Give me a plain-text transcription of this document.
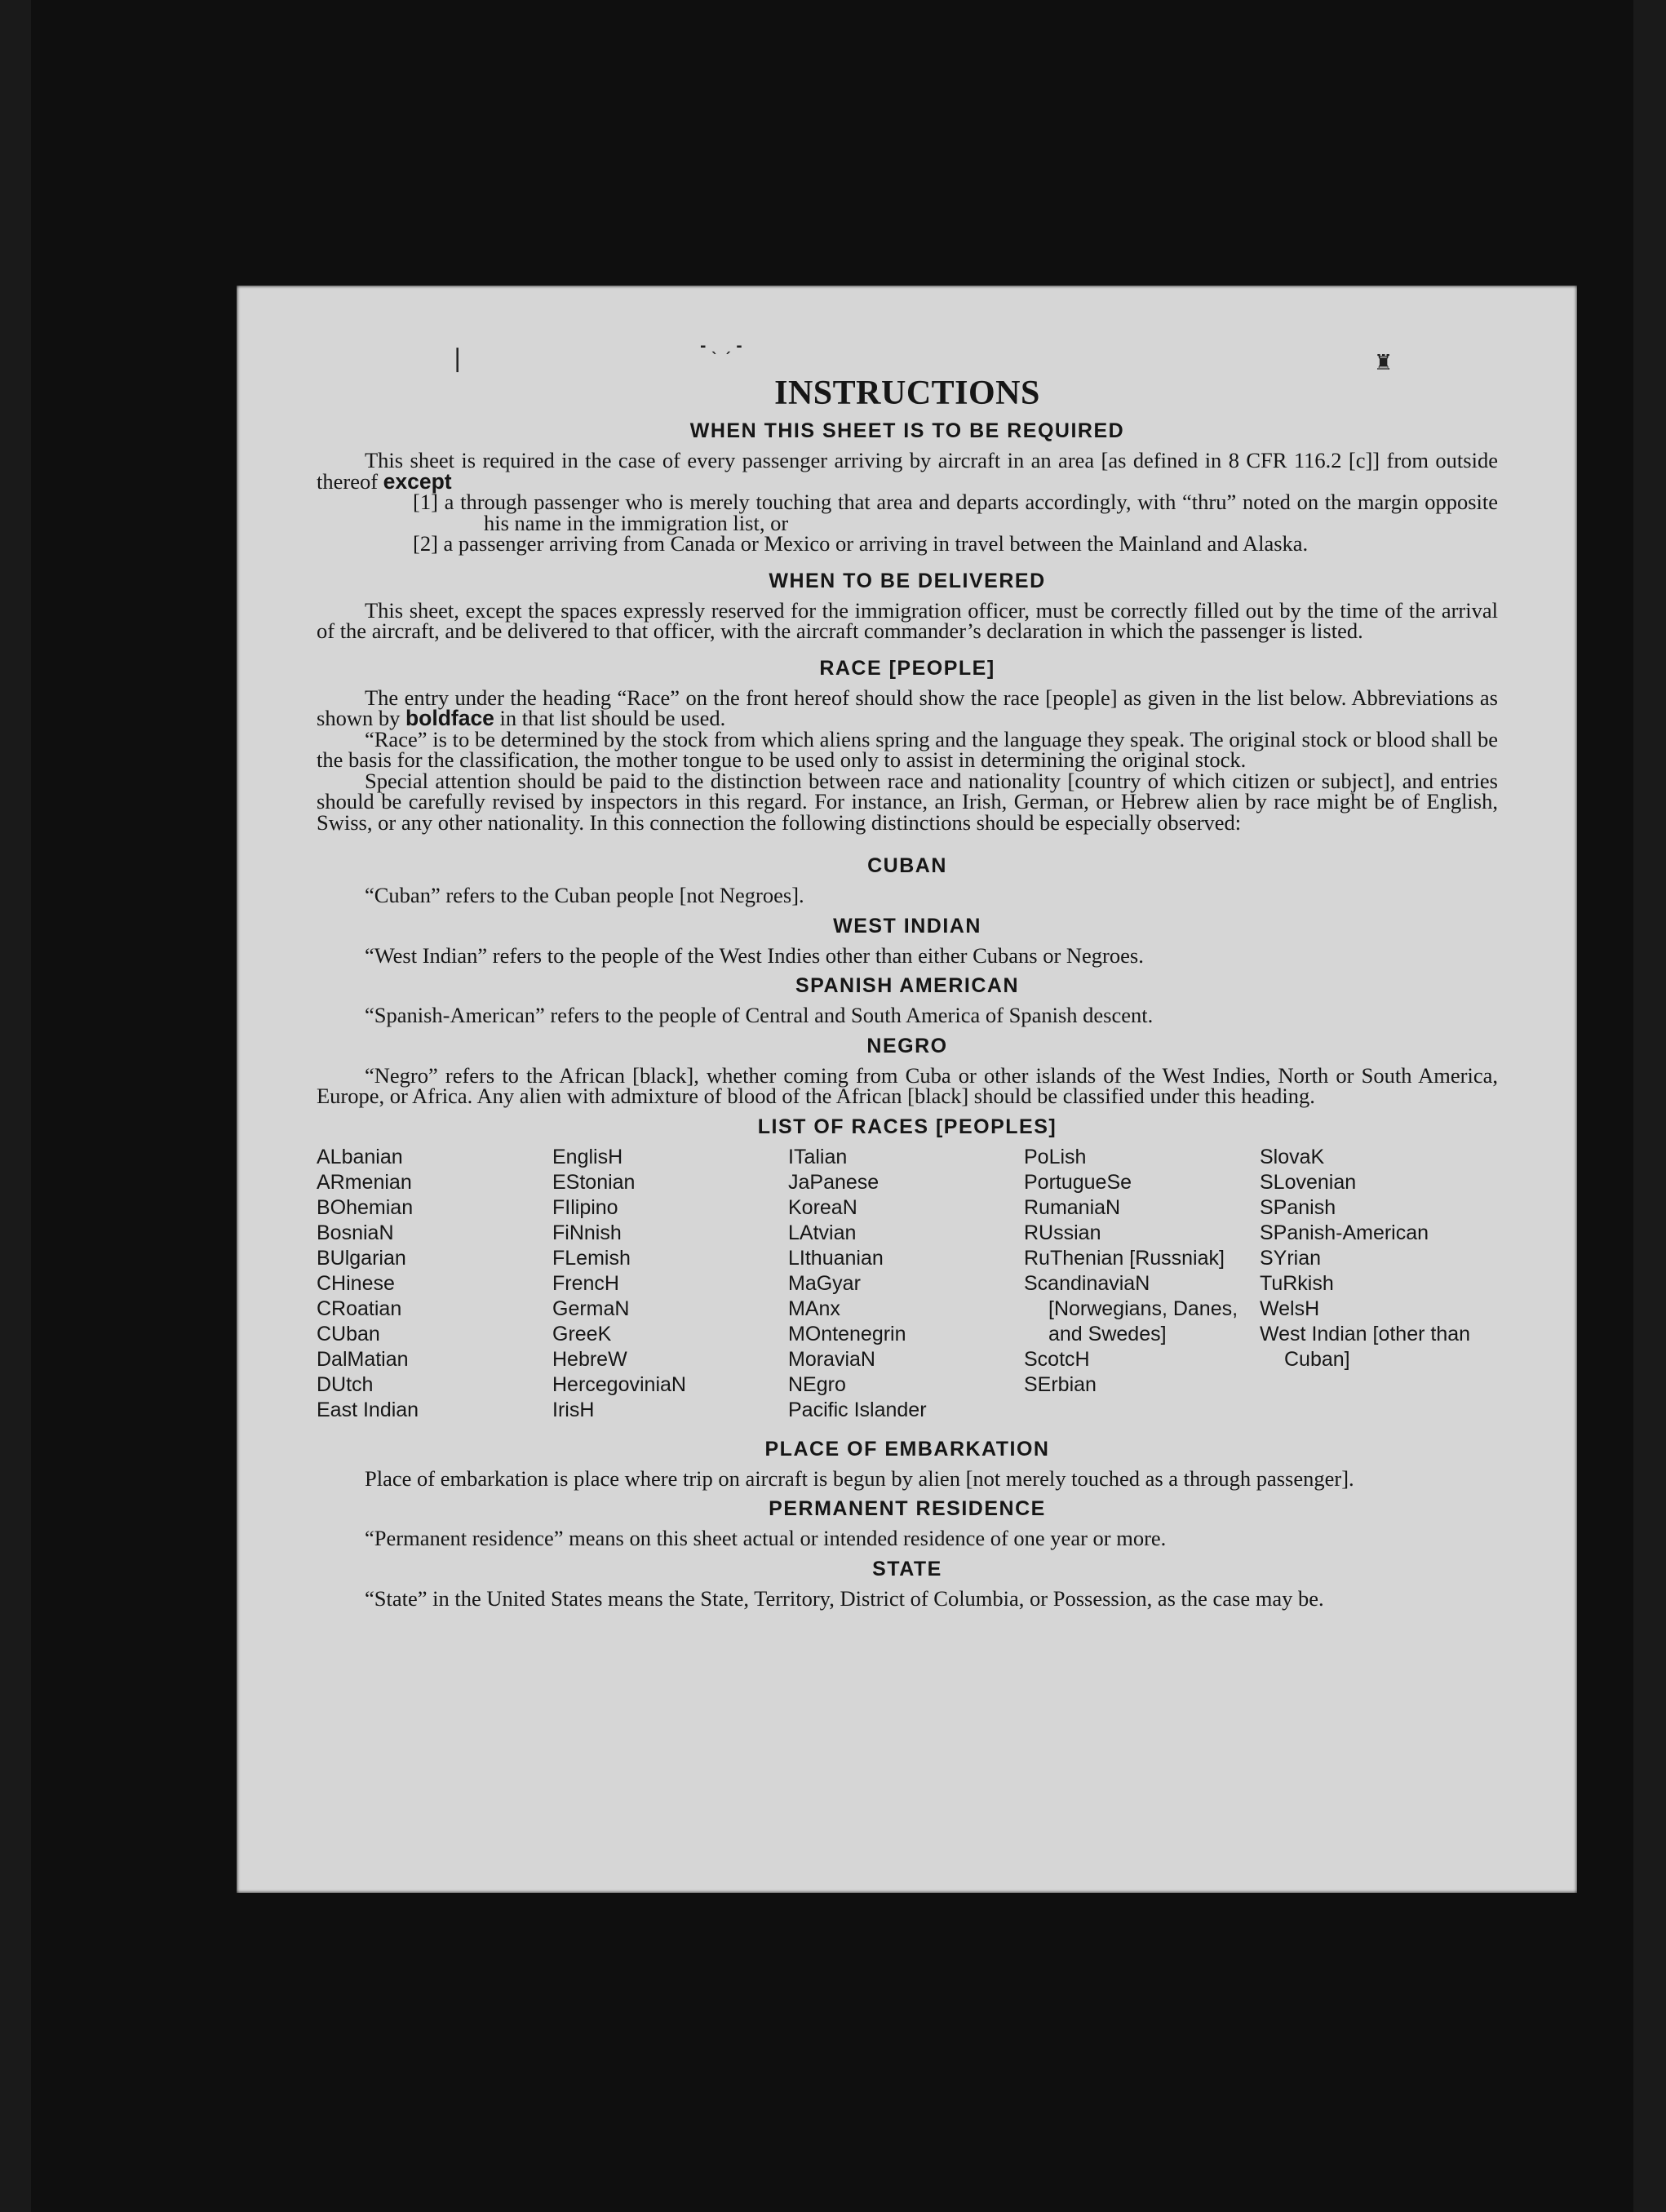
❘	♜
‐ ˎ ˏ ‐
INSTRUCTIONS
WHEN THIS SHEET IS TO BE REQUIRED

This sheet is required in the case of every passenger arriving by aircraft in an area [as defined in 8 CFR 116.2 [c]] from outside thereof except

[1] a through passenger who is merely touching that area and departs accordingly, with “thru” noted on the margin opposite his name in the immigration list, or

[2] a passenger arriving from Canada or Mexico or arriving in travel between the Mainland and Alaska.

WHEN TO BE DELIVERED

This sheet, except the spaces expressly reserved for the immigration officer, must be correctly filled out by the time of the arrival of the aircraft, and be delivered to that officer, with the aircraft commander’s declaration in which the passenger is listed.

RACE [PEOPLE]

The entry under the heading “Race” on the front hereof should show the race [people] as given in the list below. Abbreviations as shown by boldface in that list should be used.

“Race” is to be determined by the stock from which aliens spring and the language they speak. The original stock or blood shall be the basis for the classification, the mother tongue to be used only to assist in determining the original stock.

Special attention should be paid to the distinction between race and nationality [country of which citizen or subject], and entries should be carefully revised by inspectors in this regard. For instance, an Irish, German, or Hebrew alien by race might be of English, Swiss, or any other nationality. In this connection the following distinctions should be especially observed:

CUBAN

“Cuban” refers to the Cuban people [not Negroes].

WEST INDIAN

“West Indian” refers to the people of the West Indies other than either Cubans or Negroes.

SPANISH AMERICAN

“Spanish-American” refers to the people of Central and South America of Spanish descent.

NEGRO

“Negro” refers to the African [black], whether coming from Cuba or other islands of the West Indies, North or South America, Europe, or Africa. Any alien with admixture of blood of the African [black] should be classified under this heading.

LIST OF RACES [PEOPLES]
ALbanian
ARmenian
BOhemian
BosniaN
BUlgarian
CHinese
CRoatian
CUban
DalMatian
DUtch
East Indian
EnglisH
EStonian
FIlipino
FiNnish
FLemish
FrencH
GermaN
GreeK
HebreW
HercegoviniaN
IrisH
ITalian
JaPanese
KoreaN
LAtvian
LIthuanian
MaGyar
MAnx
MOntenegrin
MoraviaN
NEgro
Pacific Islander
PoLish
PortugueSe
RumaniaN
RUssian
RuThenian [Russniak]
ScandinaviaN [Norwegians, Danes, and Swedes]
ScotcH
SErbian
SlovaK
SLovenian
SPanish
SPanish-American
SYrian
TuRkish
WelsH
West Indian [other than Cuban]
PLACE OF EMBARKATION

Place of embarkation is place where trip on aircraft is begun by alien [not merely touched as a through passenger].

PERMANENT RESIDENCE

“Permanent residence” means on this sheet actual or intended residence of one year or more.

STATE

“State” in the United States means the State, Territory, District of Columbia, or Possession, as the case may be.
